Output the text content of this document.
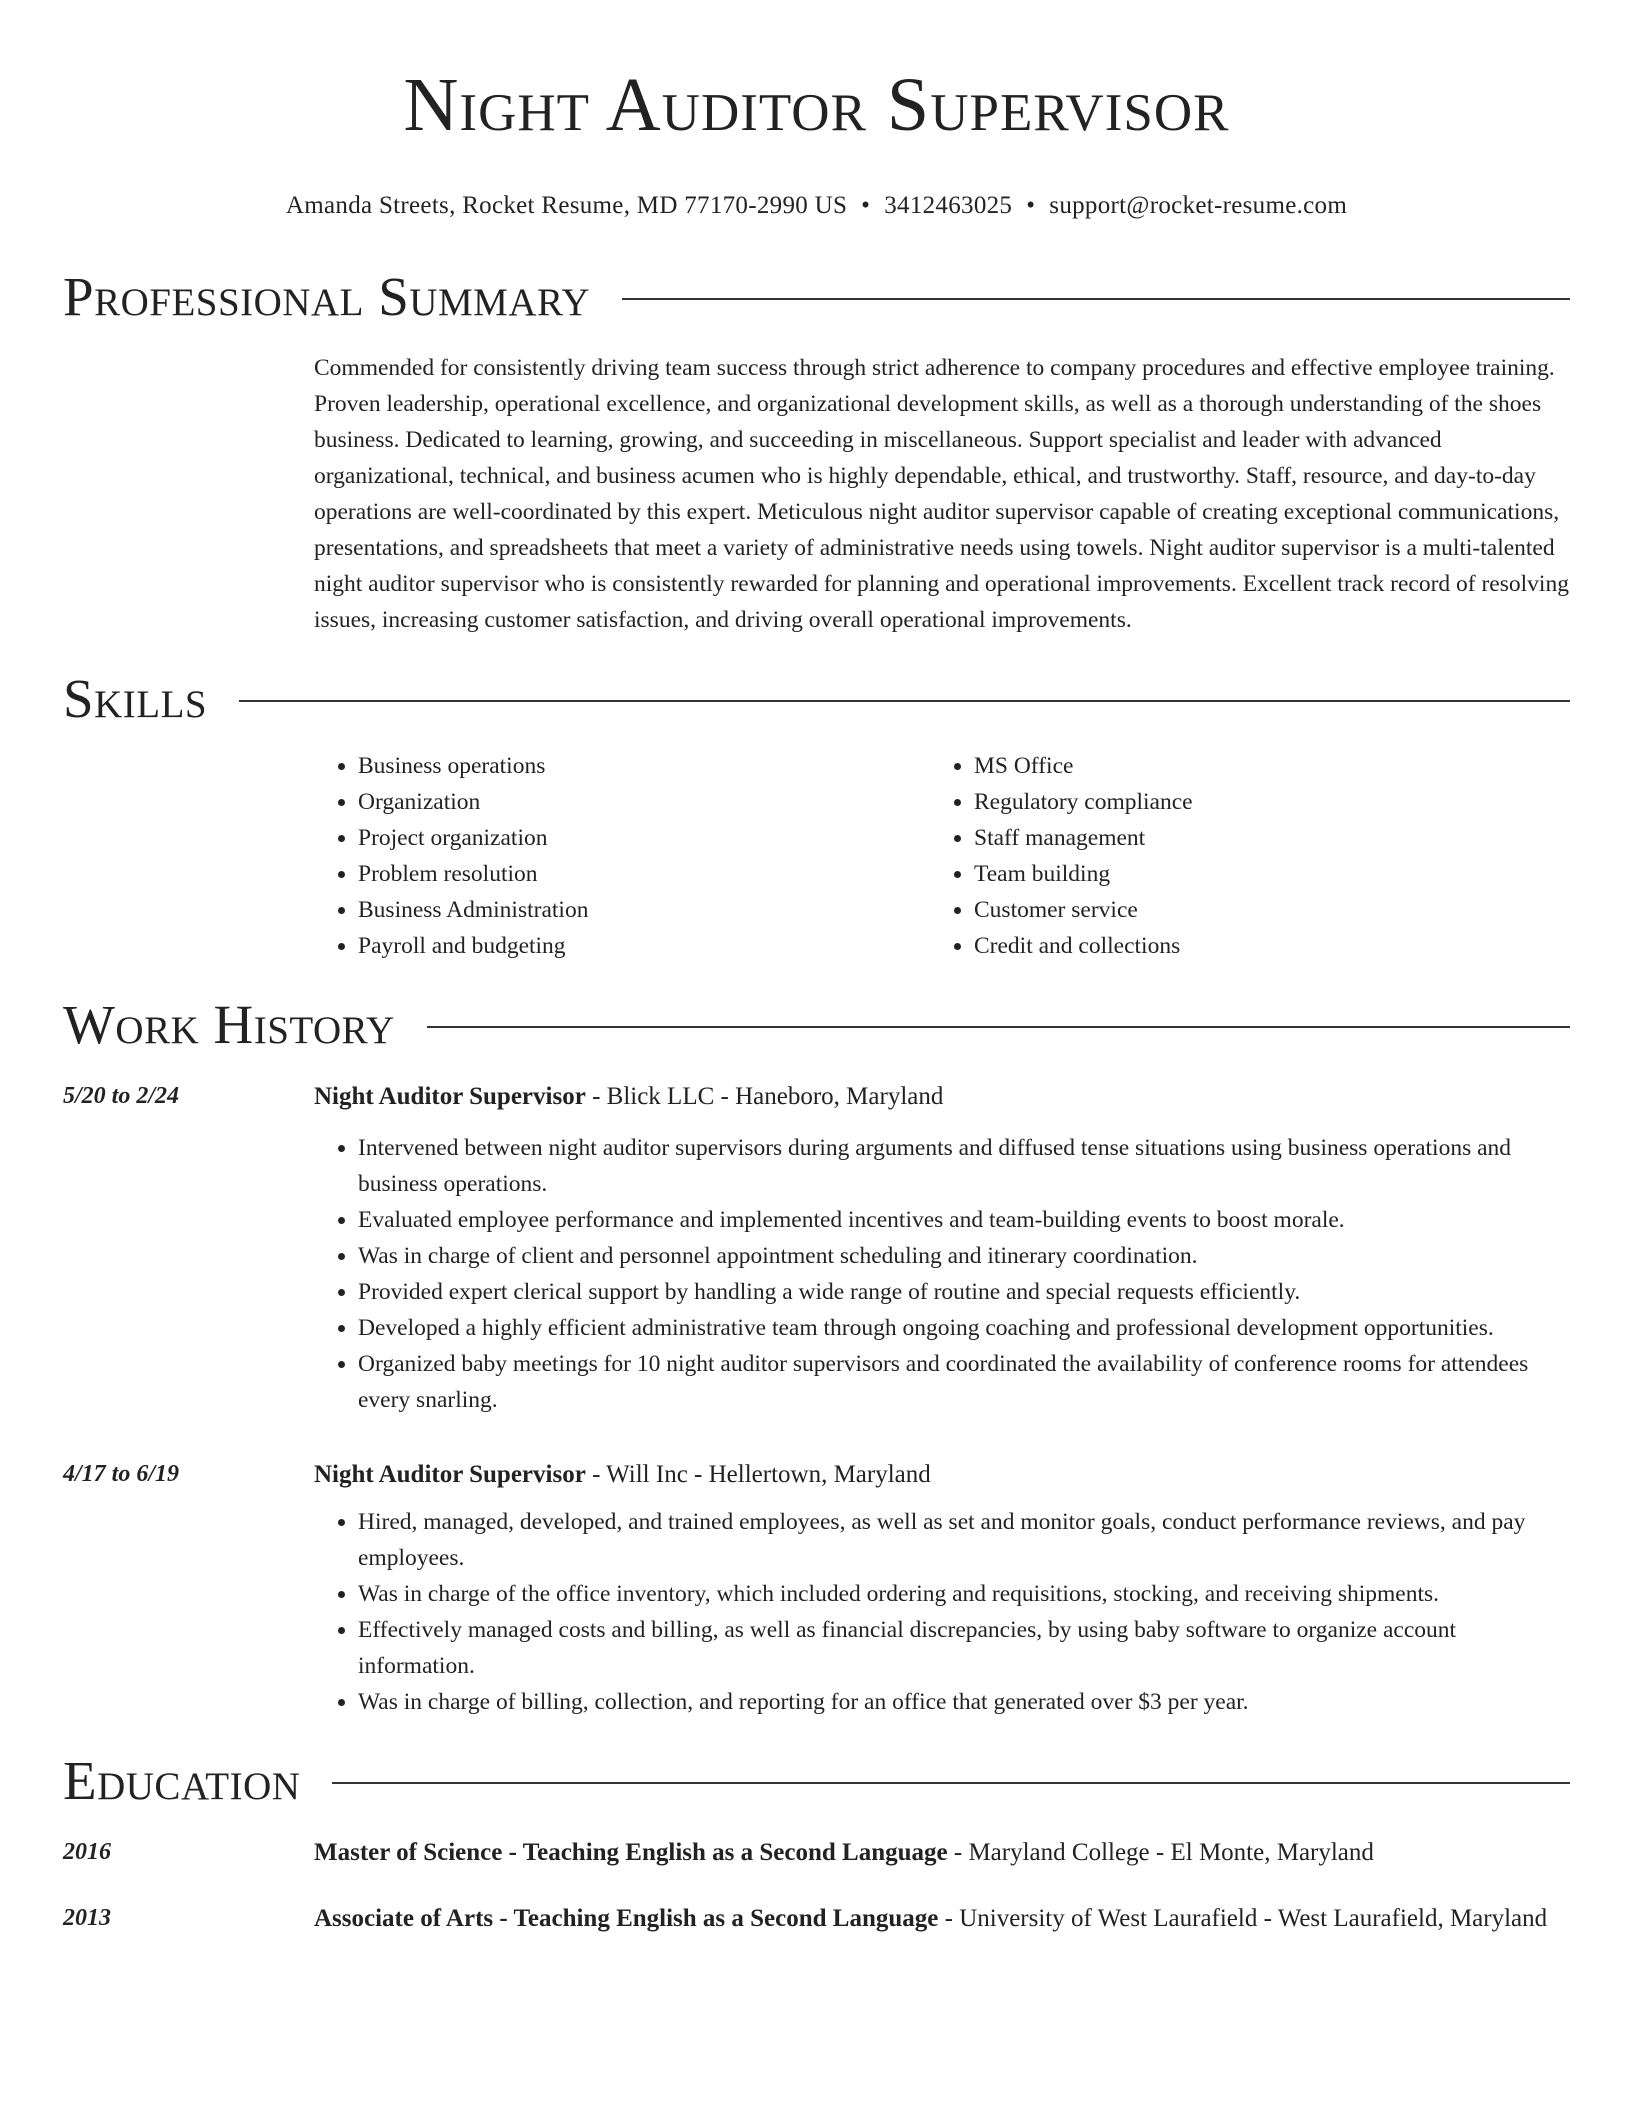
Night Auditor Supervisor
Amanda Streets, Rocket Resume, MD 77170-2990 US • 3412463025 • support@rocket-resume.com
Professional Summary
Commended for consistently driving team success through strict adherence to company procedures and effective employee training. Proven leadership, operational excellence, and organizational development skills, as well as a thorough understanding of the shoes business. Dedicated to learning, growing, and succeeding in miscellaneous. Support specialist and leader with advanced organizational, technical, and business acumen who is highly dependable, ethical, and trustworthy. Staff, resource, and day-to-day operations are well-coordinated by this expert. Meticulous night auditor supervisor capable of creating exceptional communications, presentations, and spreadsheets that meet a variety of administrative needs using towels. Night auditor supervisor is a multi-talented night auditor supervisor who is consistently rewarded for planning and operational improvements. Excellent track record of resolving issues, increasing customer satisfaction, and driving overall operational improvements.
Skills
• Business operations
• Organization
• Project organization
• Problem resolution
• Business Administration
• Payroll and budgeting
• MS Office
• Regulatory compliance
• Staff management
• Team building
• Customer service
• Credit and collections
Work History
5/20 to 2/24	Night Auditor Supervisor - Blick LLC - Haneboro, Maryland
• Intervened between night auditor supervisors during arguments and diffused tense situations using business operations and business operations.
• Evaluated employee performance and implemented incentives and team-building events to boost morale.
• Was in charge of client and personnel appointment scheduling and itinerary coordination.
• Provided expert clerical support by handling a wide range of routine and special requests efficiently.
• Developed a highly efficient administrative team through ongoing coaching and professional development opportunities.
• Organized baby meetings for 10 night auditor supervisors and coordinated the availability of conference rooms for attendees every snarling.
4/17 to 6/19	Night Auditor Supervisor - Will Inc - Hellertown, Maryland
• Hired, managed, developed, and trained employees, as well as set and monitor goals, conduct performance reviews, and pay employees.
• Was in charge of the office inventory, which included ordering and requisitions, stocking, and receiving shipments.
• Effectively managed costs and billing, as well as financial discrepancies, by using baby software to organize account information.
• Was in charge of billing, collection, and reporting for an office that generated over $3 per year.
Education
2016	Master of Science - Teaching English as a Second Language - Maryland College - El Monte, Maryland
2013	Associate of Arts - Teaching English as a Second Language - University of West Laurafield - West Laurafield, Maryland
